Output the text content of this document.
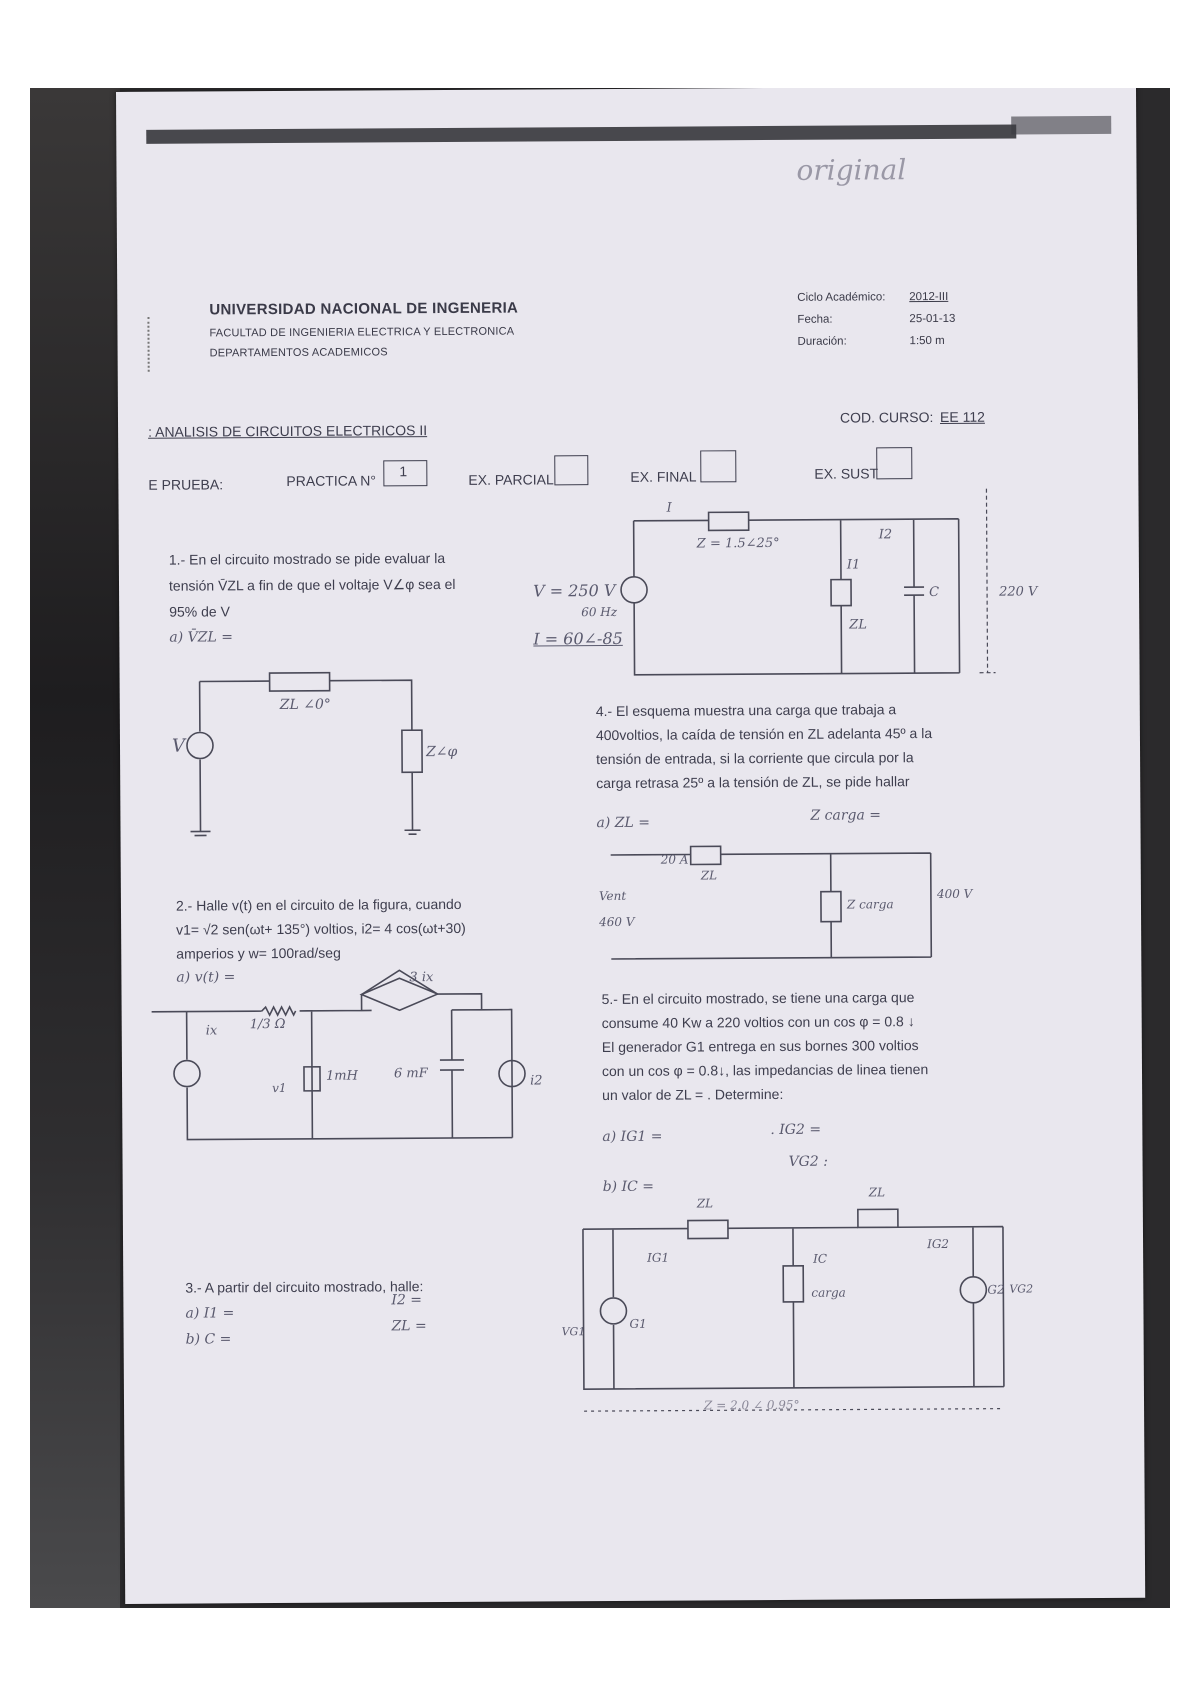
original
UNIVERSIDAD NACIONAL DE INGENERIA
FACULTAD DE INGENIERIA ELECTRICA Y ELECTRONICA
DEPARTAMENTOS ACADEMICOS
Ciclo Académico: 2012-III
Fecha:	25-01-13
Duración:	1:50 m
: ANALISIS DE CIRCUITOS ELECTRICOS II
COD. CURSO: EE 112
E PRUEBA:	PRACTICA N°
1
EX. PARCIAL	EX. FINAL	EX. SUST
1.- En el circuito mostrado se pide evaluar la
tensión V̄ZL a fin de que el voltaje V∠φ sea el
95% de V
a) V̄ZL =
ZL ∠0°
Z∠φ
V
2.- Halle v(t) en el circuito de la figura, cuando
v1= √2 sen(ωt+ 135°) voltios, i2= 4 cos(ωt+30)
amperios y w= 100rad/seg
a) v(t) =
ix 1/3 Ω
3 ix
1mH	6 mF	i2
v1
3.- A partir del circuito mostrado, halle:
a) I1 =
b) C =
I2 =
ZL =
V = 250 V
60 Hz
I = 60∠-85
I
Z = 1.5∠25°
I1
I2
ZL
C	220 V
4.- El esquema muestra una carga que trabaja a
400voltios, la caída de tensión en ZL adelanta 45º a la
tensión de entrada, si la corriente que circula por la
carga retrasa 25º a la tensión de ZL, se pide hallar
a) ZL =	Z carga =
20 A
ZL
Vent
460 V
Z carga
400 V
5.- En el circuito mostrado, se tiene una carga que
consume 40 Kw a 220 voltios con un cos φ = 0.8 ↓
El generador G1 entrega en sus bornes 300 voltios
con un cos φ = 0.8↓, las impedancias de linea tienen
un valor de ZL = . Determine:
a) IG1 =	. IG2 =
VG2 :
b) IC =
ZL
ZL
IG1	IC
IG2
carga
G1
G2
VG1
VG2
Z = 2.0 ∠ 0.95°
